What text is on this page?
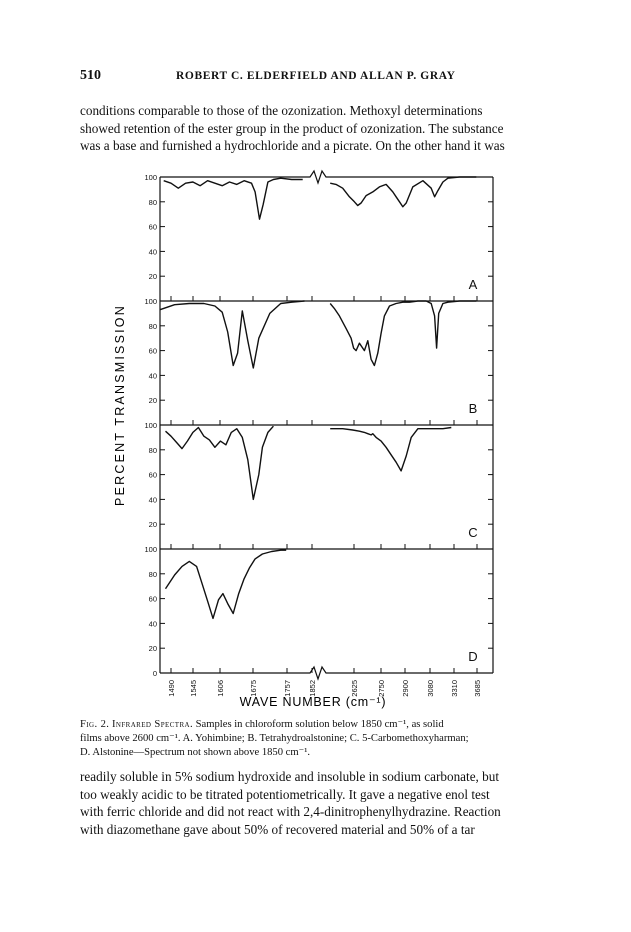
510	ROBERT C. ELDERFIELD AND ALLAN P. GRAY
conditions comparable to those of the ozonization. Methoxyl determinations
showed retention of the ester group in the product of ozonization. The substance
was a base and furnished a hydrochloride and a picrate. On the other hand it was
100
80
60
40
20
A
100
80
60
40
20
B
100
80
60
40
20
C
100
80
60
40
20
0
D
1490 1545 1606	1675	1757 1852	2625 2750 2900 3080 3310 3685
PERCENT TRANSMISSION
WAVE NUMBER (cm⁻¹)
Fig. 2. Infrared Spectra. Samples in chloroform solution below 1850 cm⁻¹, as solid
films above 2600 cm⁻¹. A. Yohimbine; B. Tetrahydroalstonine; C. 5-Carbomethoxyharman;
D. Alstonine—Spectrum not shown above 1850 cm⁻¹.
readily soluble in 5% sodium hydroxide and insoluble in sodium carbonate, but
too weakly acidic to be titrated potentiometrically. It gave a negative enol test
with ferric chloride and did not react with 2,4-dinitrophenylhydrazine. Reaction
with diazomethane gave about 50% of recovered material and 50% of a tar
